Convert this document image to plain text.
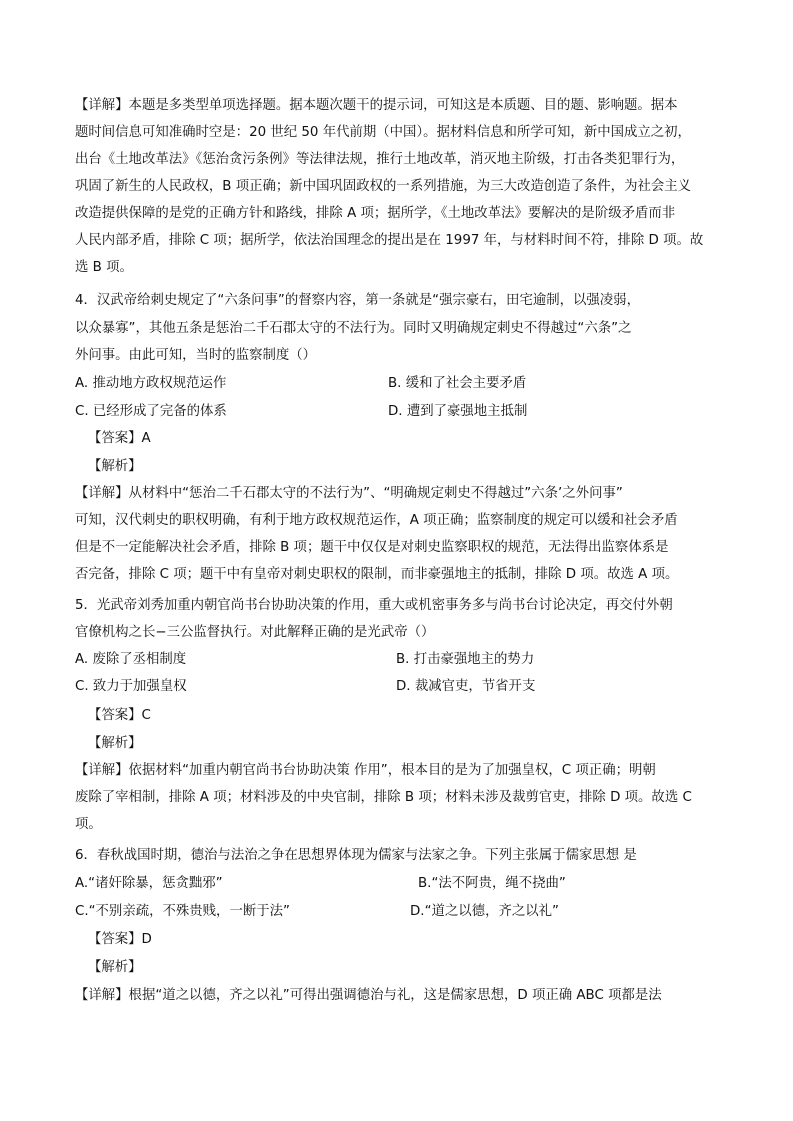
【详解】本题是多类型单项选择题。据本题次题干的提示词，可知这是本质题、目的题、影响题。据本
题时间信息可知准确时空是：20 世纪 50 年代前期（中国）。据材料信息和所学可知，新中国成立之初，
出台《土地改革法》《惩治贪污条例》等法律法规，推行土地改革，消灭地主阶级，打击各类犯罪行为，
巩固了新生的人民政权，B 项正确；新中国巩固政权的一系列措施，为三大改造创造了条件，为社会主义
改造提供保障的是党的正确方针和路线，排除 A 项；据所学，《土地改革法》要解决的是阶级矛盾而非
人民内部矛盾，排除 C 项；据所学，依法治国理念的提出是在 1997 年，与材料时间不符，排除 D 项。故
选 B 项。
4．汉武帝给刺史规定了“六条问事”的督察内容，第一条就是“强宗豪右，田宅逾制，以强凌弱，
以众暴寡”，其他五条是惩治二千石郡太守的不法行为。同时又明确规定刺史不得越过“六条”之
外问事。由此可知，当时的监察制度（）
A. 推动地方政权规范运作	B. 缓和了社会主要矛盾
C. 已经形成了完备的体系	D. 遭到了豪强地主抵制
【答案】A
【解析】
【详解】从材料中“惩治二千石郡太守的不法行为”、“明确规定刺史不得越过”六条’之外问事”
可知，汉代刺史的职权明确，有利于地方政权规范运作，A 项正确；监察制度的规定可以缓和社会矛盾
但是不一定能解决社会矛盾，排除 B 项；题干中仅仅是对刺史监察职权的规范，无法得出监察体系是
否完备，排除 C 项；题干中有皇帝对刺史职权的限制，而非豪强地主的抵制，排除 D 项。故选 A 项。
5．光武帝刘秀加重内朝官尚书台协助决策的作用，重大或机密事务多与尚书台讨论决定，再交付外朝
官僚机构之长−三公监督执行。对此解释正确的是光武帝（）
A. 废除了丞相制度	B. 打击豪强地主的势力
C. 致力于加强皇权	D. 裁减官吏，节省开支
【答案】C
【解析】
【详解】依据材料“加重内朝官尚书台协助决策 作用”，根本目的是为了加强皇权，C 项正确；明朝
废除了宰相制，排除 A 项；材料涉及的中央官制，排除 B 项；材料未涉及裁剪官吏，排除 D 项。故选 C
项。
6．春秋战国时期，德治与法治之争在思想界体现为儒家与法家之争。下列主张属于儒家思想 是
A.“诸奸除暴，惩贪黜邪”	B.“法不阿贵，绳不挠曲”
C.“不别亲疏，不殊贵贱，一断于法”	D.“道之以德，齐之以礼”
【答案】D
【解析】
【详解】根据“道之以德，齐之以礼”可得出强调德治与礼，这是儒家思想，D 项正确 ABC 项都是法
